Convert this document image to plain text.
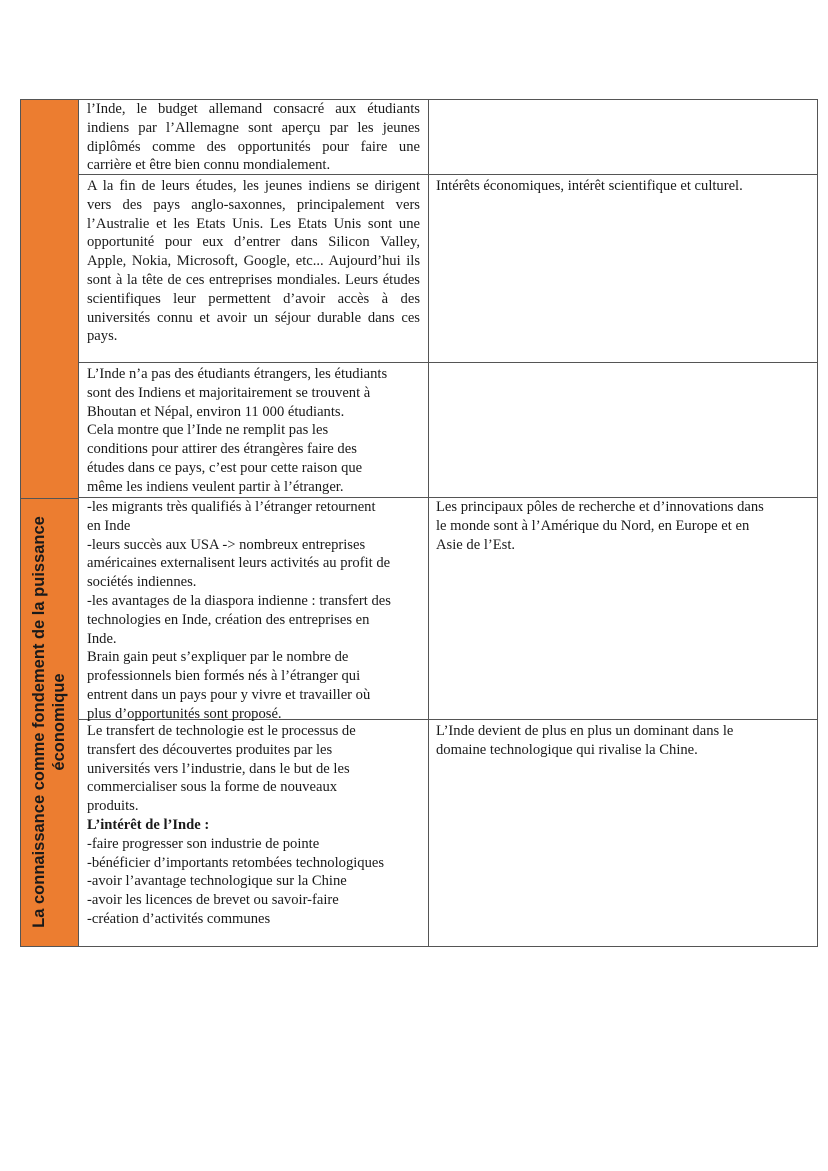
La connaissance comme fondement de la puissance économique
l’Inde, le budget allemand consacré aux étudiants indiens par l’Allemagne sont aperçu par les jeunes diplômés comme des opportunités pour faire une carrière et être bien connu mondialement.
A la fin de leurs études, les jeunes indiens se dirigent vers des pays anglo-saxonnes, principalement vers l’Australie et les Etats Unis. Les Etats Unis sont une opportunité pour eux d’entrer dans Silicon Valley, Apple, Nokia, Microsoft, Google, etc... Aujourd’hui ils sont à la tête de ces entreprises mondiales. Leurs études scientifiques leur permettent d’avoir accès à des universités connu et avoir un séjour durable dans ces pays.
Intérêts économiques, intérêt scientifique et culturel.
L’Inde n’a pas des étudiants étrangers, les étudiants
sont des Indiens et majoritairement se trouvent à
Bhoutan et Népal, environ 11 000 étudiants.
Cela montre que l’Inde ne remplit pas les
conditions pour attirer des étrangères faire des
études dans ce pays, c’est pour cette raison que
même les indiens veulent partir à l’étranger.
-les migrants très qualifiés à l’étranger retournent
en Inde
-leurs succès aux USA -> nombreux entreprises
américaines externalisent leurs activités au profit de
sociétés indiennes.
-les avantages de la diaspora indienne : transfert des
technologies en Inde, création des entreprises en
Inde.
Brain gain peut s’expliquer par le nombre de
professionnels bien formés nés à l’étranger qui
entrent dans un pays pour y vivre et travailler où
plus d’opportunités sont proposé.
Les principaux pôles de recherche et d’innovations dans
le monde sont à l’Amérique du Nord, en Europe et en
Asie de l’Est.
Le transfert de technologie est le processus de
transfert des découvertes produites par les
universités vers l’industrie, dans le but de les
commercialiser sous la forme de nouveaux
produits.
L’intérêt de l’Inde :
-faire progresser son industrie de pointe
-bénéficier d’importants retombées technologiques
-avoir l’avantage technologique sur la Chine
-avoir les licences de brevet ou savoir-faire
-création d’activités communes
L’Inde devient de plus en plus un dominant dans le
domaine technologique qui rivalise la Chine.
